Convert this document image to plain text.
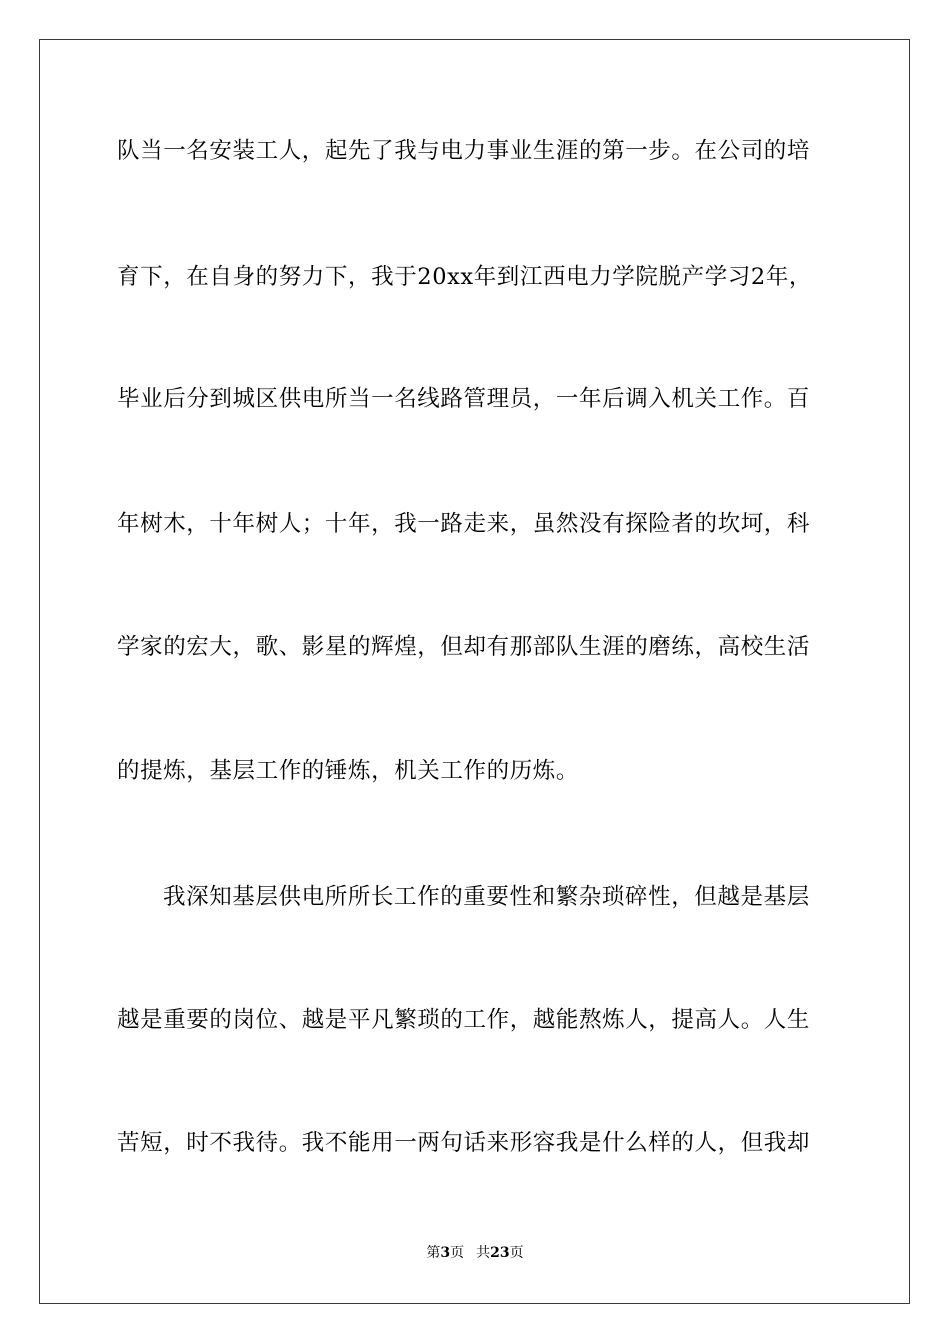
队当一名安装工人，起先了我与电力事业生涯的第一步。在公司的培
育下，在自身的努力下，我于20xx年到江西电力学院脱产学习2年，
毕业后分到城区供电所当一名线路管理员，一年后调入机关工作。百
年树木，十年树人；十年，我一路走来，虽然没有探险者的坎坷，科
学家的宏大，歌、影星的辉煌，但却有那部队生涯的磨练，高校生活
的提炼，基层工作的锤炼，机关工作的历炼。
我深知基层供电所所长工作的重要性和繁杂琐碎性，但越是基层
越是重要的岗位、越是平凡繁琐的工作，越能熬炼人，提高人。人生
苦短，时不我待。我不能用一两句话来形容我是什么样的人，但我却
第3页 共23页
